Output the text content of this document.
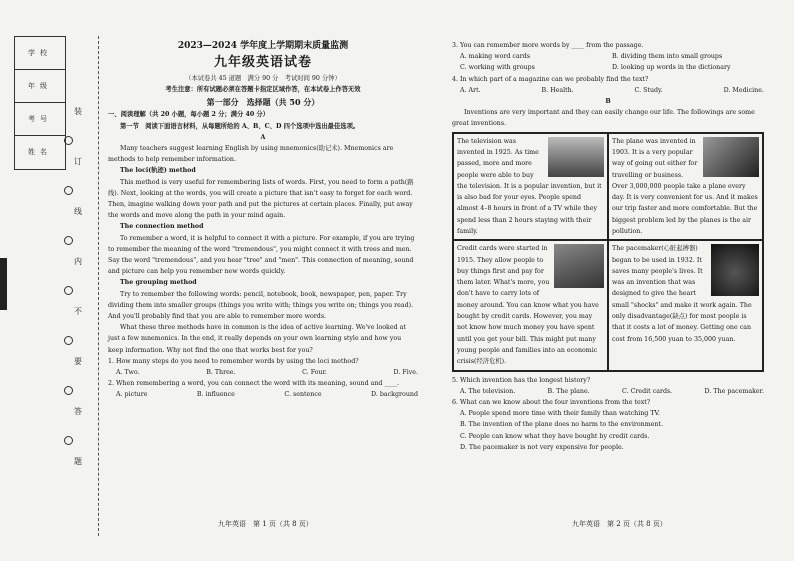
学校
年级
考号
姓名
装
订
线
内
不
要
答
题
2023—2024 学年度上学期期末质量监测
九年级英语试卷
（本试卷共 45 道题　满分 90 分　考试时间 90 分钟）
考生注意：所有试题必须在答题卡指定区域作答，在本试卷上作答无效
第一部分　选择题（共 50 分）
一、阅读理解（共 20 小题，每小题 2 分；满分 40 分）

第一节　阅读下面语言材料，从每题所给的 A、B、C、D 四个选项中选出最佳选项。

A

Many teachers suggest learning English by using mnemonics(助记术). Mnemonics are methods to help remember information.

The loci(轨迹) method

This method is very useful for remembering lists of words. First, you need to form a path(路线). Next, looking at the words, you will create a picture that isn't easy to forget for each word. Then, imagine walking down your path and put the pictures at certain places. Finally, put away the words and move along the path in your mind again.

The connection method

To remember a word, it is helpful to connect it with a picture. For example, if you are trying to remember the meaning of the word "tremendous", you might connect it with trees and men. Say the word "tremendous", and you hear "tree" and "men". This connection of meaning, sound and picture can help you remember new words quickly.

The grouping method

Try to remember the following words: pencil, notebook, book, newspaper, pen, paper. Try dividing them into smaller groups (things you write with; things you write on; things you read). And you'll probably find that you are able to remember more words.

What these three methods have in common is the idea of active learning. We've looked at just a few mnemonics. In the end, it really depends on your own learning style and how you keep information. Why not find the one that works best for you?

1. How many steps do you need to remember words by using the loci method?
A. Two.	B. Three.	C. Four.	D. Five.
2. When remembering a word, you can connect the word with its meaning, sound and ____.
A. picture	B. influence	C. sentence	D. background
九年英语　第 1 页（共 8 页）
3. You can remember more words by ____ from the passage.
A. making word cards	B. dividing them into small groups
C. working with groups	D. looking up words in the dictionary
4. In which part of a magazine can we probably find the text?
A. Art.	B. Health.	C. Study.	D. Medicine.
B

Inventions are very important and they can easily change our life. The followings are some great inventions.

The television was invented in 1925. As time passed, more and more people were able to buy the television. It is a popular invention, but it is also bad for your eyes. People spend almost 4–8 hours in front of a TV while they spend less than 2 hours staying with their family.
The plane was invented in 1903. It is a very popular way of going out either for travelling or business. Over 3,000,000 people take a plane every day. It is very convenient for us. And it makes our trip faster and more comfortable. But the biggest problem led by the planes is the air pollution.
Credit cards were started in 1915. They allow people to buy things first and pay for them later. What's more, you don't have to carry lots of money around. You can know what you have bought by credit cards. However, you may not know how much money you have spent until you get your bill. This might put many young people and families into an economic crisis(经济危机).
The pacemaker(心脏起搏器) began to be used in 1932. It saves many people's lives. It was an invention that was designed to give the heart small "shocks" and make it work again. The only disadvantage(缺点) for most people is that it costs a lot of money. Getting one can cost from 16,500 yuan to 35,000 yuan.
5. Which invention has the longest history?
A. The television.	B. The plane.	C. Credit cards.	D. The pacemaker.
6. What can we know about the four inventions from the text?
A. People spend more time with their family than watching TV.
B. The invention of the plane does no harm to the environment.
C. People can know what they have bought by credit cards.
D. The pacemaker is not very expensive for people.
九年英语　第 2 页（共 8 页）
